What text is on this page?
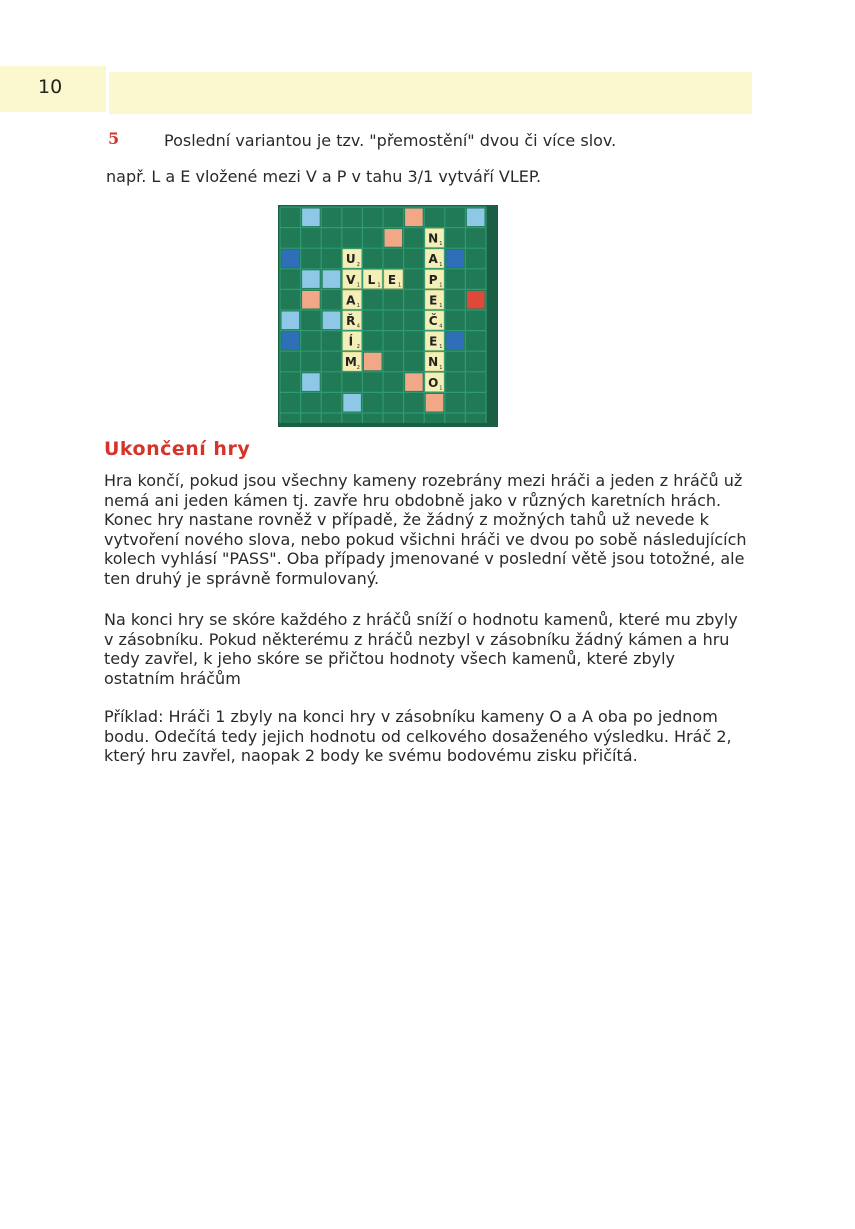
10
5	Poslední variantou je tzv. "přemostění" dvou či více slov.
např. L a E vložené mezi V a P v tahu 3/1 vytváří VLEP.
N 1
U 2	A 1
V 1 L 1 E 1 P 1
A 1	E 1
Ř 4	Č 4
Í 2	E 1
M 2	N 1
O 1
Ukončení hry
Hra končí, pokud jsou všechny kameny rozebrány mezi hráči a jeden z hráčů už nemá ani jeden kámen tj. zavře hru obdobně jako v různých karetních hrách. Konec hry nastane rovněž v případě, že žádný z možných tahů už nevede k vytvoření nového slova, nebo pokud všichni hráči ve dvou po sobě následujících kolech vyhlásí "PASS". Oba případy jmenované v poslední větě jsou totožné, ale ten druhý je správně formulovaný.
Na konci hry se skóre každého z hráčů sníží o hodnotu kamenů, které mu zbyly v zásobníku. Pokud některému z hráčů nezbyl v zásobníku žádný kámen a hru tedy zavřel, k jeho skóre se přičtou hodnoty všech kamenů, které zbyly ostatním hráčům
Příklad: Hráči 1 zbyly na konci hry v zásobníku kameny O a A oba po jednom bodu. Odečítá tedy jejich hodnotu od celkového dosaženého výsledku. Hráč 2, který hru zavřel, naopak 2 body ke svému bodovému zisku přičítá.
